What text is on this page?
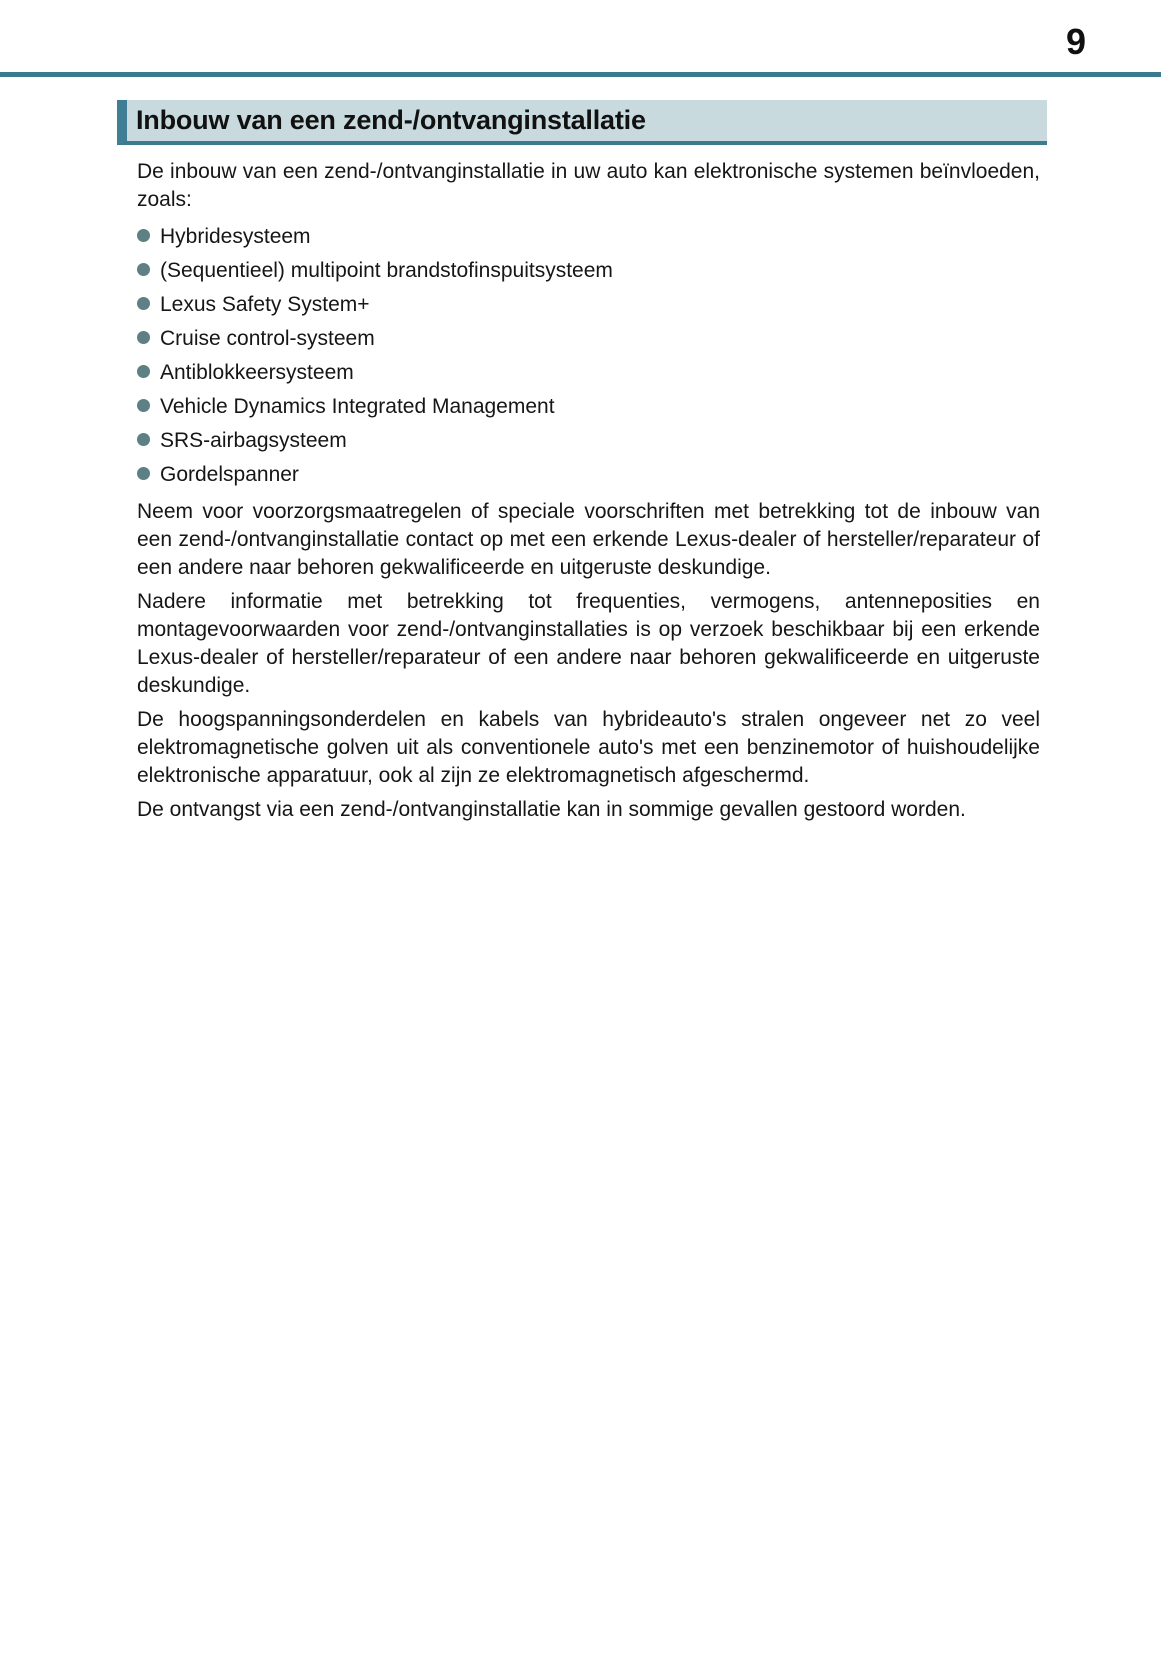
9
Inbouw van een zend-/ontvanginstallatie

De inbouw van een zend-/ontvanginstallatie in uw auto kan elektronische systemen beïnvloeden, zoals:

Hybridesysteem
(Sequentieel) multipoint brandstofinspuitsysteem
Lexus Safety System+
Cruise control-systeem
Antiblokkeersysteem
Vehicle Dynamics Integrated Management
SRS-airbagsysteem
Gordelspanner

Neem voor voorzorgsmaatregelen of speciale voorschriften met betrekking tot de inbouw van een zend-/ontvanginstallatie contact op met een erkende Lexus-dealer of hersteller/reparateur of een andere naar behoren gekwalificeerde en uitgeruste deskundige.

Nadere informatie met betrekking tot frequenties, vermogens, antenneposities en montagevoorwaarden voor zend-/ontvanginstallaties is op verzoek beschikbaar bij een erkende Lexus-dealer of hersteller/reparateur of een andere naar behoren gekwalificeerde en uitgeruste deskundige.

De hoogspanningsonderdelen en kabels van hybrideauto's stralen ongeveer net zo veel elektromagnetische golven uit als conventionele auto's met een benzinemotor of huishoudelijke elektronische apparatuur, ook al zijn ze elektromagnetisch afgeschermd.

De ontvangst via een zend-/ontvanginstallatie kan in sommige gevallen gestoord worden.
